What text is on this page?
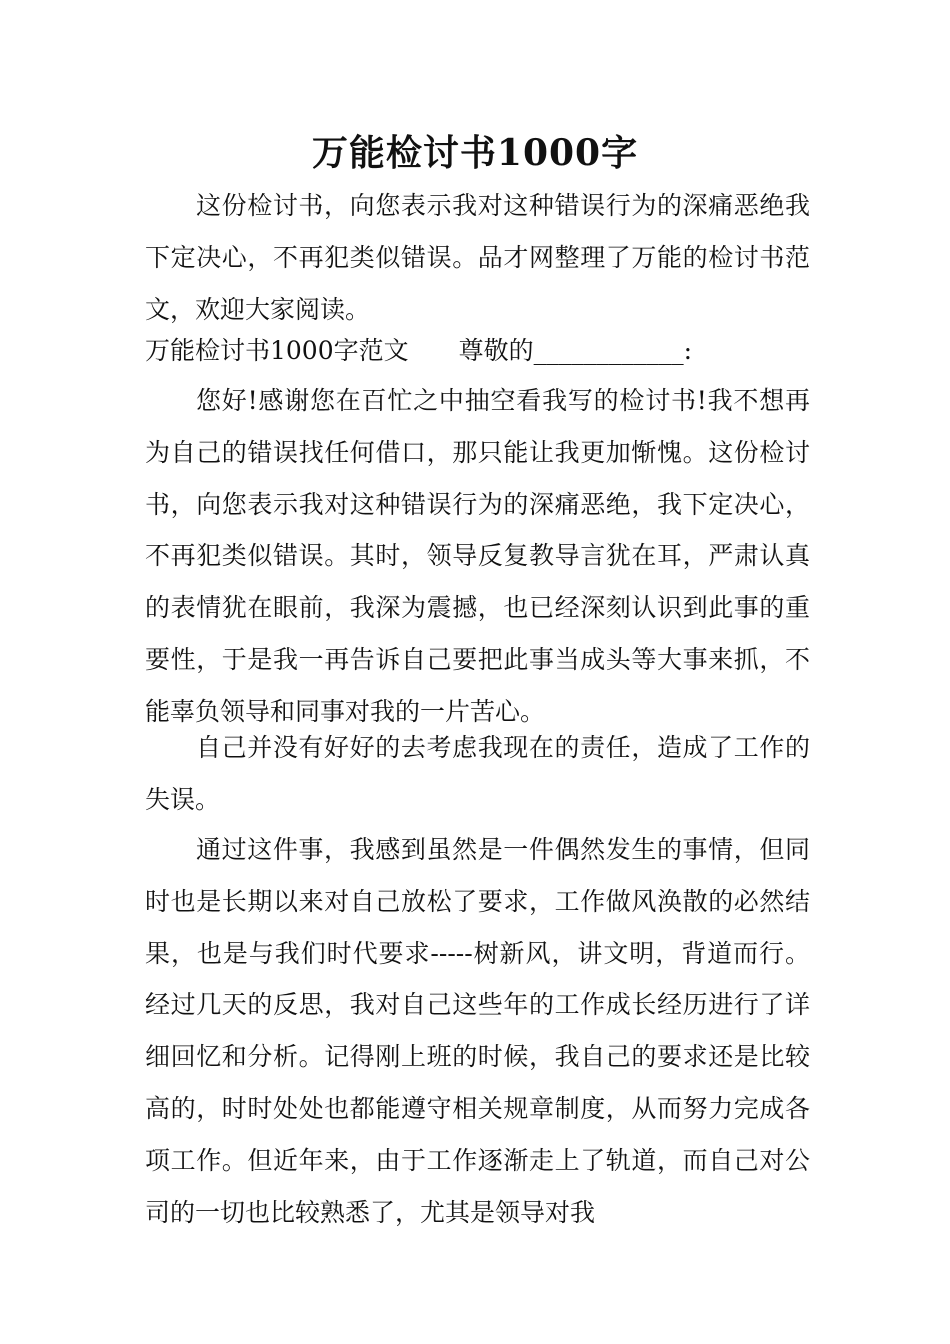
万能检讨书1000字
这份检讨书，向您表示我对这种错误行为的深痛恶绝我下定决心，不再犯类似错误。品才网整理了万能的检讨书范文，欢迎大家阅读。
万能检讨书1000字范文 尊敬的____________:
您好!感谢您在百忙之中抽空看我写的检讨书!我不想再为自己的错误找任何借口，那只能让我更加惭愧。这份检讨书，向您表示我对这种错误行为的深痛恶绝，我下定决心，不再犯类似错误。其时，领导反复教导言犹在耳，严肃认真的表情犹在眼前，我深为震撼，也已经深刻认识到此事的重要性，于是我一再告诉自己要把此事当成头等大事来抓，不能辜负领导和同事对我的一片苦心。
自己并没有好好的去考虑我现在的责任，造成了工作的失误。
通过这件事，我感到虽然是一件偶然发生的事情，但同时也是长期以来对自己放松了要求，工作做风涣散的必然结果，也是与我们时代要求-----树新风，讲文明，背道而行。经过几天的反思，我对自己这些年的工作成长经历进行了详细回忆和分析。记得刚上班的时候，我自己的要求还是比较高的，时时处处也都能遵守相关规章制度，从而努力完成各项工作。但近年来，由于工作逐渐走上了轨道，而自己对公司的一切也比较熟悉了，尤其是领导对我
